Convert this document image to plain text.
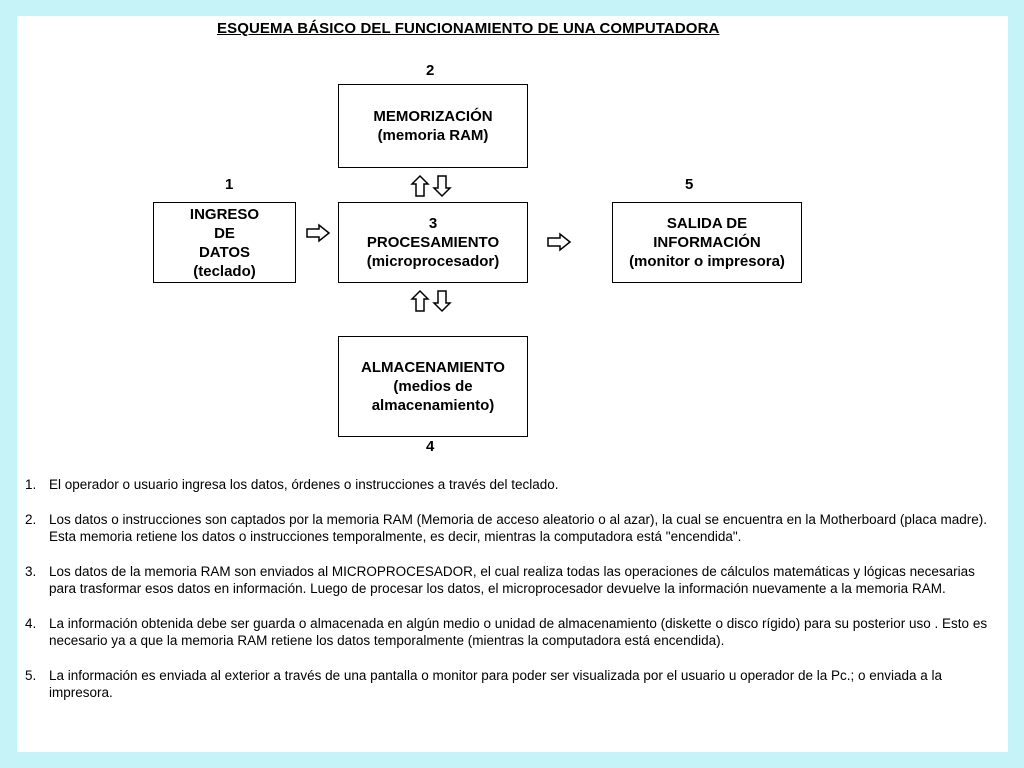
ESQUEMA BÁSICO DEL FUNCIONAMIENTO DE UNA COMPUTADORA
2
MEMORIZACIÓN
(memoria RAM)
1
INGRESO
DE
DATOS
(teclado)
3
PROCESAMIENTO
(microprocesador)
5
SALIDA DE
INFORMACIÓN
(monitor o impresora)
ALMACENAMIENTO
(medios de
almacenamiento)
4
1. El operador o usuario ingresa los datos, órdenes o instrucciones a través del teclado.
2. Los datos o instrucciones son captados por la memoria RAM (Memoria de acceso aleatorio o al azar), la cual se encuentra en la Motherboard (placa madre). Esta memoria retiene los datos o instrucciones temporalmente, es decir, mientras la computadora está "encendida".
3. Los datos de la memoria RAM son enviados al MICROPROCESADOR, el cual realiza todas las operaciones de cálculos matemáticas y lógicas necesarias para trasformar esos datos en información. Luego de procesar los datos, el microprocesador devuelve la información nuevamente a la memoria RAM.
4. La información obtenida debe ser guarda o almacenada en algún medio o unidad de almacenamiento (diskette o disco rígido) para su posterior uso . Esto es necesario ya a que la memoria RAM retiene los datos temporalmente (mientras la computadora está encendida).
5. La información es enviada al exterior a través de una pantalla o monitor para poder ser visualizada por el usuario u operador de la Pc.; o enviada a la impresora.
